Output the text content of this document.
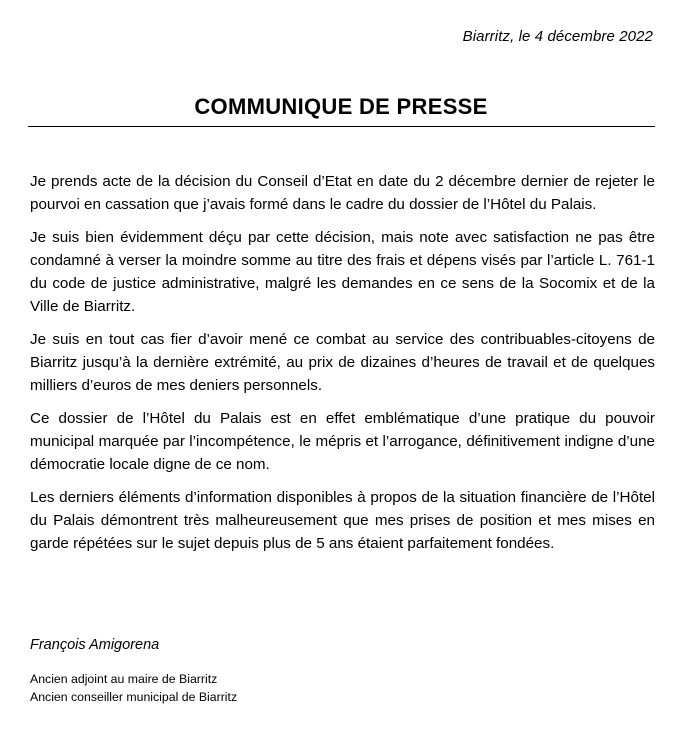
Biarritz, le 4 décembre 2022
COMMUNIQUE DE PRESSE

Je prends acte de la décision du Conseil d’Etat en date du 2 décembre dernier de rejeter le pourvoi en cassation que j’avais formé dans le cadre du dossier de l’Hôtel du Palais.

Je suis bien évidemment déçu par cette décision, mais note avec satisfaction ne pas être condamné à verser la moindre somme au titre des frais et dépens visés par l’article L. 761-1 du code de justice administrative, malgré les demandes en ce sens de la Socomix et de la Ville de Biarritz.

Je suis en tout cas fier d’avoir mené ce combat au service des contribuables-citoyens de Biarritz jusqu’à la dernière extrémité, au prix de dizaines d’heures de travail et de quelques milliers d’euros de mes deniers personnels.

Ce dossier de l’Hôtel du Palais est en effet emblématique d’une pratique du pouvoir municipal marquée par l’incompétence, le mépris et l’arrogance, définitivement indigne d’une démocratie locale digne de ce nom.

Les derniers éléments d’information disponibles à propos de la situation financière de l’Hôtel du Palais démontrent très malheureusement que mes prises de position et mes mises en garde répétées sur le sujet depuis plus de 5 ans étaient parfaitement fondées.

François Amigorena
Ancien adjoint au maire de Biarritz
Ancien conseiller municipal de Biarritz
